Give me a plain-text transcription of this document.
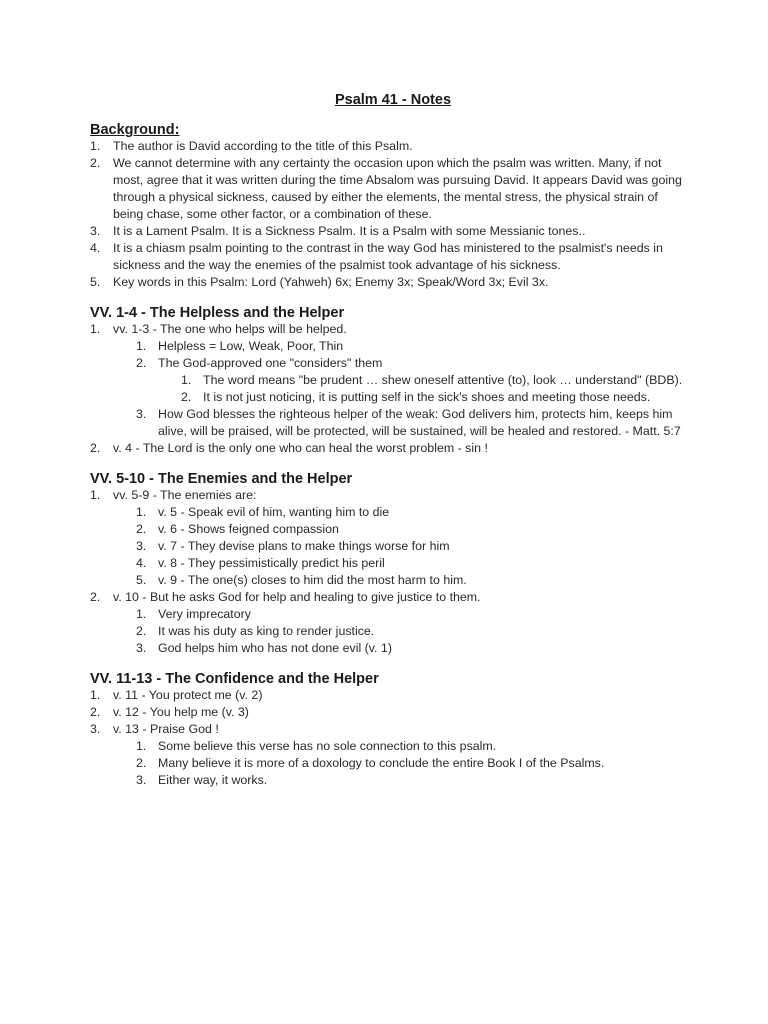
Psalm 41 - Notes
Background:
1. The author is David according to the title of this Psalm.
2. We cannot determine with any certainty the occasion upon which the psalm was written. Many, if not most, agree that it was written during the time Absalom was pursuing David. It appears David was going through a physical sickness, caused by either the elements, the mental stress, the physical strain of being chase, some other factor, or a combination of these.
3. It is a Lament Psalm. It is a Sickness Psalm. It is a Psalm with some Messianic tones..
4. It is a chiasm psalm pointing to the contrast in the way God has ministered to the psalmist's needs in sickness and the way the enemies of the psalmist took advantage of his sickness.
5. Key words in this Psalm: Lord (Yahweh) 6x; Enemy 3x; Speak/Word 3x; Evil 3x.
VV. 1-4 - The Helpless and the Helper
1. vv. 1-3 - The one who helps will be helped.
1. Helpless = Low, Weak, Poor, Thin
2. The God-approved one "considers" them
1. The word means "be prudent … shew oneself attentive (to), look … understand" (BDB).
2. It is not just noticing, it is putting self in the sick's shoes and meeting those needs.
3. How God blesses the righteous helper of the weak: God delivers him, protects him, keeps him alive, will be praised, will be protected, will be sustained, will be healed and restored. - Matt. 5:7
2. v. 4 - The Lord is the only one who can heal the worst problem - sin !
VV. 5-10 - The Enemies and the Helper
1. vv. 5-9 - The enemies are:
1. v. 5 - Speak evil of him, wanting him to die
2. v. 6 - Shows feigned compassion
3. v. 7 - They devise plans to make things worse for him
4. v. 8 - They pessimistically predict his peril
5. v. 9 - The one(s) closes to him did the most harm to him.
2. v. 10 - But he asks God for help and healing to give justice to them.
1. Very imprecatory
2. It was his duty as king to render justice.
3. God helps him who has not done evil (v. 1)
VV. 11-13 - The Confidence and the Helper
1. v. 11 - You protect me (v. 2)
2. v. 12 - You help me (v. 3)
3. v. 13 - Praise God !
1. Some believe this verse has no sole connection to this psalm.
2. Many believe it is more of a doxology to conclude the entire Book I of the Psalms.
3. Either way, it works.
